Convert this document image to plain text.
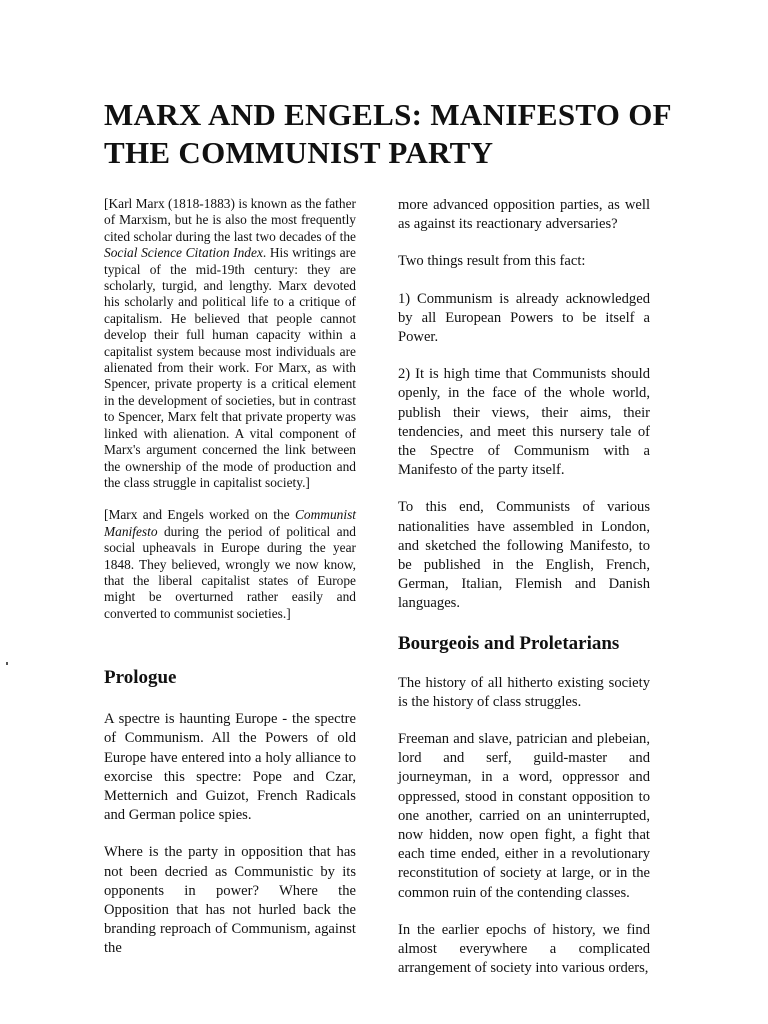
MARX AND ENGELS: MANIFESTO OF THE COMMUNIST PARTY

[Karl Marx (1818-1883) is known as the father of Marxism, but he is also the most frequently cited scholar during the last two decades of the Social Science Citation Index. His writings are typical of the mid-19th century: they are scholarly, turgid, and lengthy. Marx devoted his scholarly and political life to a critique of capitalism. He believed that people cannot develop their full human capacity within a capitalist system because most individuals are alienated from their work. For Marx, as with Spencer, private property is a critical element in the development of societies, but in contrast to Spencer, Marx felt that private property was linked with alienation. A vital component of Marx's argument concerned the link between the ownership of the mode of production and the class struggle in capitalist society.]

[Marx and Engels worked on the Communist Manifesto during the period of political and social upheavals in Europe during the year 1848. They believed, wrongly we now know, that the liberal capitalist states of Europe might be overturned rather easily and converted to communist societies.]

Prologue

A spectre is haunting Europe - the spectre of Communism. All the Powers of old Europe have entered into a holy alliance to exorcise this spectre: Pope and Czar, Metternich and Guizot, French Radicals and German police spies.

Where is the party in opposition that has not been decried as Communistic by its opponents in power? Where the Opposition that has not hurled back the branding reproach of Communism, against the

more advanced opposition parties, as well as against its reactionary adversaries?

Two things result from this fact:

1) Communism is already acknowledged by all European Powers to be itself a Power.

2) It is high time that Communists should openly, in the face of the whole world, publish their views, their aims, their tendencies, and meet this nursery tale of the Spectre of Communism with a Manifesto of the party itself.

To this end, Communists of various nationalities have assembled in London, and sketched the following Manifesto, to be published in the English, French, German, Italian, Flemish and Danish languages.

Bourgeois and Proletarians

The history of all hitherto existing society is the history of class struggles.

Freeman and slave, patrician and plebeian, lord and serf, guild-master and journeyman, in a word, oppressor and oppressed, stood in constant opposition to one another, carried on an uninterrupted, now hidden, now open fight, a fight that each time ended, either in a revolutionary reconstitution of society at large, or in the common ruin of the contending classes.

In the earlier epochs of history, we find almost everywhere a complicated arrangement of society into various orders,
